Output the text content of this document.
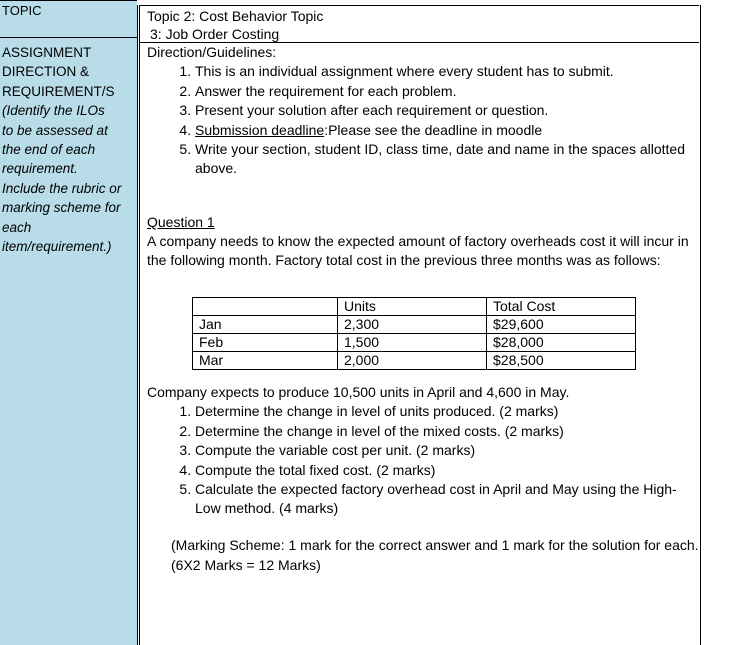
TOPIC	Topic 2: Cost Behavior Topic
3: Job Order Costing
ASSIGNMENT
DIRECTION &
REQUIREMENT/S
(Identify the ILOs
to be assessed at
the end of each
requirement.
Include the rubric or
marking scheme for
each
item/requirement.)
Direction/Guidelines:
1. This is an individual assignment where every student has to submit.
2. Answer the requirement for each problem.
3. Present your solution after each requirement or question.
4. Submission deadline:Please see the deadline in moodle
5. Write your section, student ID, class time, date and name in the spaces allotted above.
Question 1
A company needs to know the expected amount of factory overheads cost it will incur in the following month. Factory total cost in the previous three months was as follows:
	Units	Total Cost
Jan	2,300	$29,600
Feb	1,500	$28,000
Mar	2,000	$28,500
Company expects to produce 10,500 units in April and 4,600 in May.
1. Determine the change in level of units produced. (2 marks)
2. Determine the change in level of the mixed costs. (2 marks)
3. Compute the variable cost per unit. (2 marks)
4. Compute the total fixed cost. (2 marks)
5. Calculate the expected factory overhead cost in April and May using the High-Low method. (4 marks)
(Marking Scheme: 1 mark for the correct answer and 1 mark for the solution for each. (6X2 Marks = 12 Marks)
